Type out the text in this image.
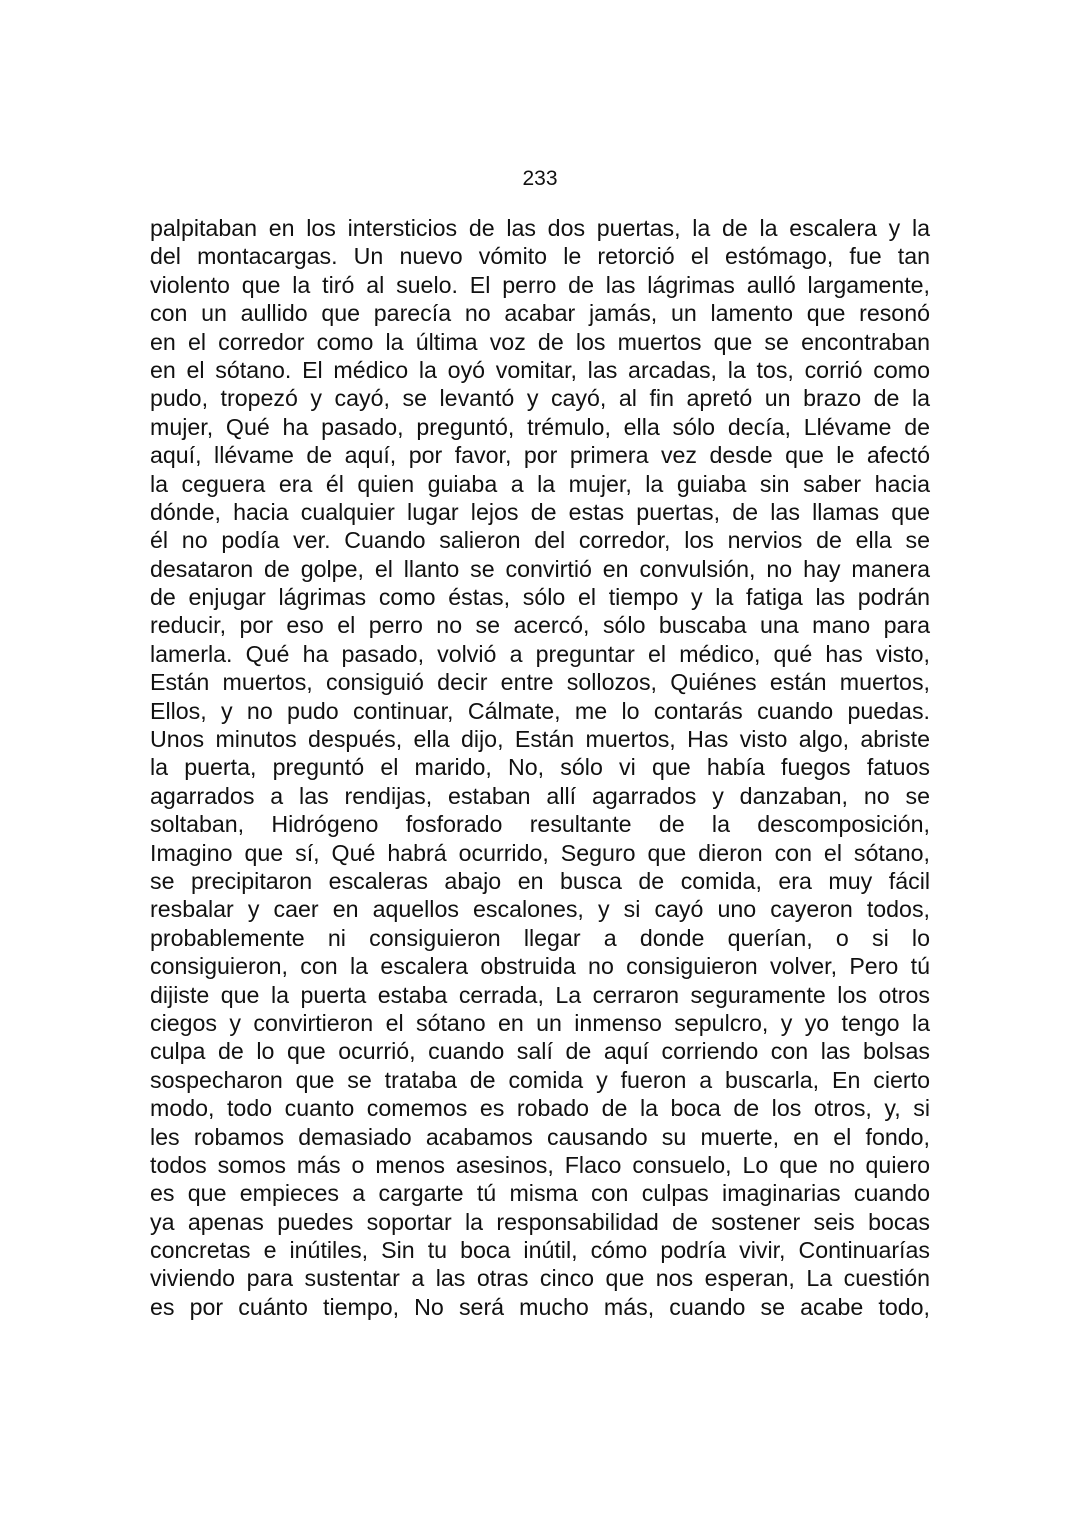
233
palpitaban en los intersticios de las dos puertas, la de la escalera y la
del montacargas. Un nuevo vómito le retorció el estómago, fue tan
violento que la tiró al suelo. El perro de las lágrimas aulló largamente,
con un aullido que parecía no acabar jamás, un lamento que resonó
en el corredor como la última voz de los muertos que se encontraban
en el sótano. El médico la oyó vomitar, las arcadas, la tos, corrió como
pudo, tropezó y cayó, se levantó y cayó, al fin apretó un brazo de la
mujer, Qué ha pasado, preguntó, trémulo, ella sólo decía, Llévame de
aquí, llévame de aquí, por favor, por primera vez desde que le afectó
la ceguera era él quien guiaba a la mujer, la guiaba sin saber hacia
dónde, hacia cualquier lugar lejos de estas puertas, de las llamas que
él no podía ver. Cuando salieron del corredor, los nervios de ella se
desataron de golpe, el llanto se convirtió en convulsión, no hay manera
de enjugar lágrimas como éstas, sólo el tiempo y la fatiga las podrán
reducir, por eso el perro no se acercó, sólo buscaba una mano para
lamerla. Qué ha pasado, volvió a preguntar el médico, qué has visto,
Están muertos, consiguió decir entre sollozos, Quiénes están muertos,
Ellos, y no pudo continuar, Cálmate, me lo contarás cuando puedas.
Unos minutos después, ella dijo, Están muertos, Has visto algo, abriste
la puerta, preguntó el marido, No, sólo vi que había fuegos fatuos
agarrados a las rendijas, estaban allí agarrados y danzaban, no se
soltaban, Hidrógeno fosforado resultante de la descomposición,
Imagino que sí, Qué habrá ocurrido, Seguro que dieron con el sótano,
se precipitaron escaleras abajo en busca de comida, era muy fácil
resbalar y caer en aquellos escalones, y si cayó uno cayeron todos,
probablemente ni consiguieron llegar a donde querían, o si lo
consiguieron, con la escalera obstruida no consiguieron volver, Pero tú
dijiste que la puerta estaba cerrada, La cerraron seguramente los otros
ciegos y convirtieron el sótano en un inmenso sepulcro, y yo tengo la
culpa de lo que ocurrió, cuando salí de aquí corriendo con las bolsas
sospecharon que se trataba de comida y fueron a buscarla, En cierto
modo, todo cuanto comemos es robado de la boca de los otros, y, si
les robamos demasiado acabamos causando su muerte, en el fondo,
todos somos más o menos asesinos, Flaco consuelo, Lo que no quiero
es que empieces a cargarte tú misma con culpas imaginarias cuando
ya apenas puedes soportar la responsabilidad de sostener seis bocas
concretas e inútiles, Sin tu boca inútil, cómo podría vivir, Continuarías
viviendo para sustentar a las otras cinco que nos esperan, La cuestión
es por cuánto tiempo, No será mucho más, cuando se acabe todo,
